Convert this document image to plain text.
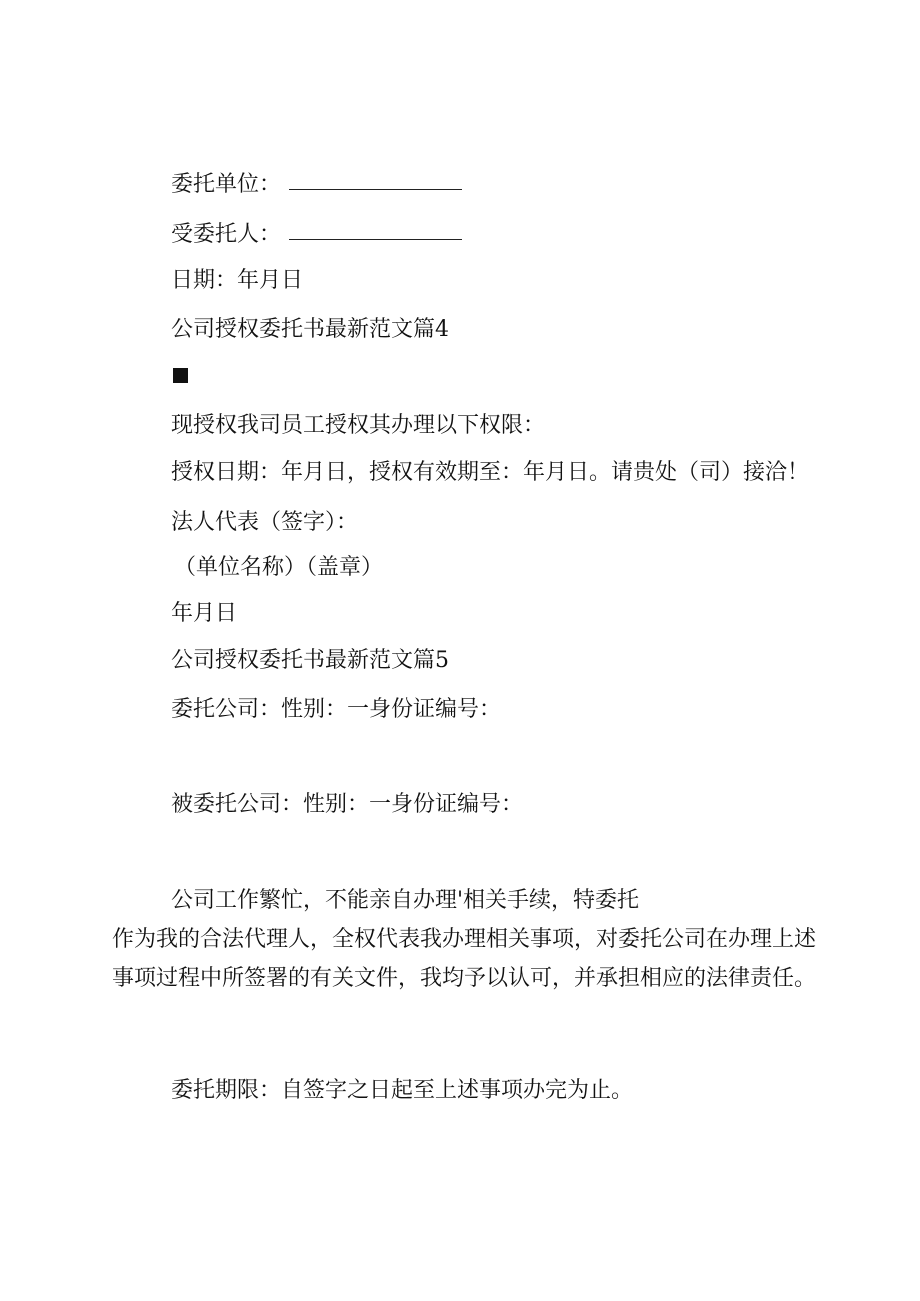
委托单位：
受委托人：
日期：年月日
公司授权委托书最新范文篇4
现授权我司员工授权其办理以下权限：
授权日期：年月日，授权有效期至：年月日。请贵处（司）接洽！
法人代表（签字）：
（单位名称）（盖章）
年月日
公司授权委托书最新范文篇5
委托公司：性别：一身份证编号：
被委托公司：性别：一身份证编号：
公司工作繁忙，不能亲自办理'相关手续，特委托
作为我的合法代理人，全权代表我办理相关事项，对委托公司在办理上述事项过程中所签署的有关文件，我均予以认可，并承担相应的法律责任。
委托期限：自签字之日起至上述事项办完为止。
